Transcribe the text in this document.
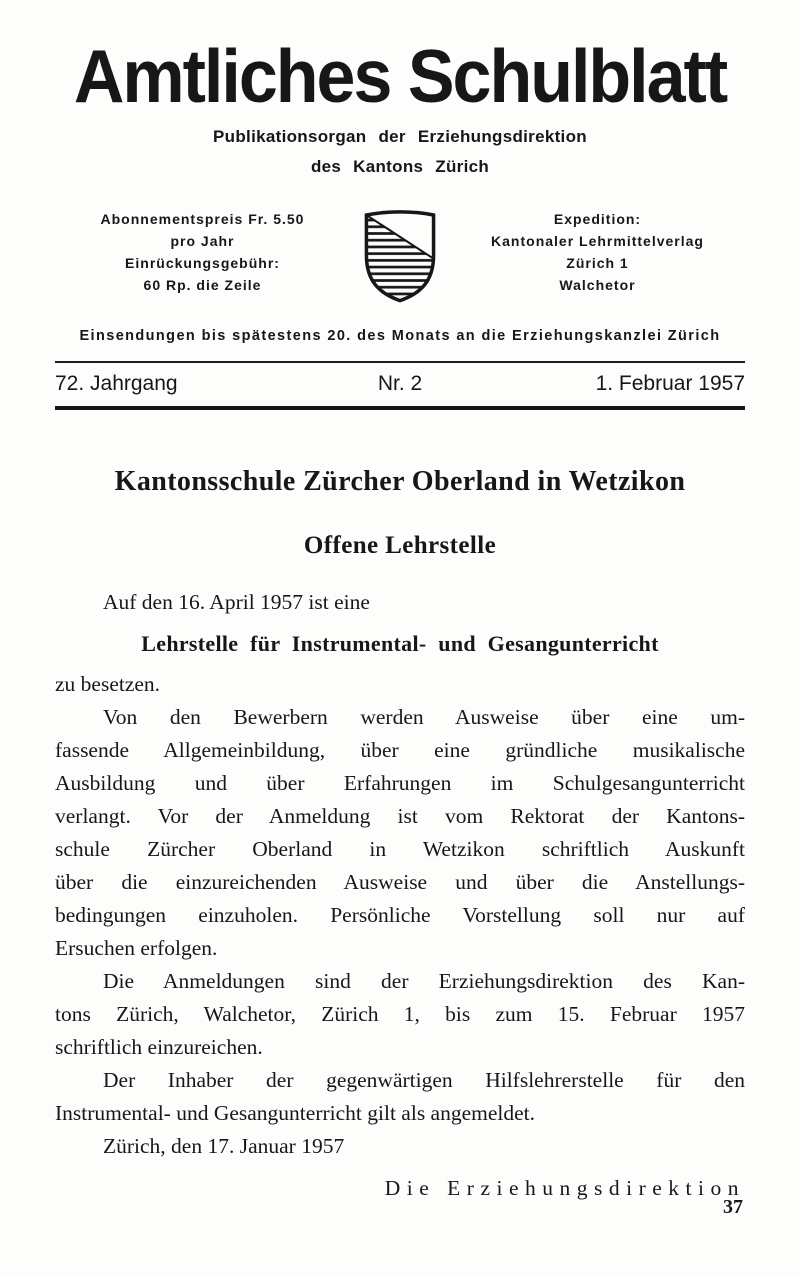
Amtliches Schulblatt
Publikationsorgan der Erziehungsdirektion
des Kantons Zürich
Abonnementspreis Fr. 5.50
pro Jahr
Einrückungsgebühr:
60 Rp. die Zeile
Expedition:
Kantonaler Lehrmittelverlag
Zürich 1
Walchetor
Einsendungen bis spätestens 20. des Monats an die Erziehungskanzlei Zürich
72. Jahrgang	Nr. 2	1. Februar 1957
Kantonsschule Zürcher Oberland in Wetzikon
Offene Lehrstelle
Auf den 16. April 1957 ist eine
Lehrstelle für Instrumental- und Gesangunterricht
zu besetzen.
Von den Bewerbern werden Ausweise über eine um-
fassende Allgemeinbildung, über eine gründliche musikalische
Ausbildung und über Erfahrungen im Schulgesangunterricht
verlangt. Vor der Anmeldung ist vom Rektorat der Kantons-
schule Zürcher Oberland in Wetzikon schriftlich Auskunft
über die einzureichenden Ausweise und über die Anstellungs-
bedingungen einzuholen. Persönliche Vorstellung soll nur auf
Ersuchen erfolgen.
Die Anmeldungen sind der Erziehungsdirektion des Kan-
tons Zürich, Walchetor, Zürich 1, bis zum 15. Februar 1957
schriftlich einzureichen.
Der Inhaber der gegenwärtigen Hilfslehrerstelle für den
Instrumental- und Gesangunterricht gilt als angemeldet.
Zürich, den 17. Januar 1957
Die Erziehungsdirektion
37
